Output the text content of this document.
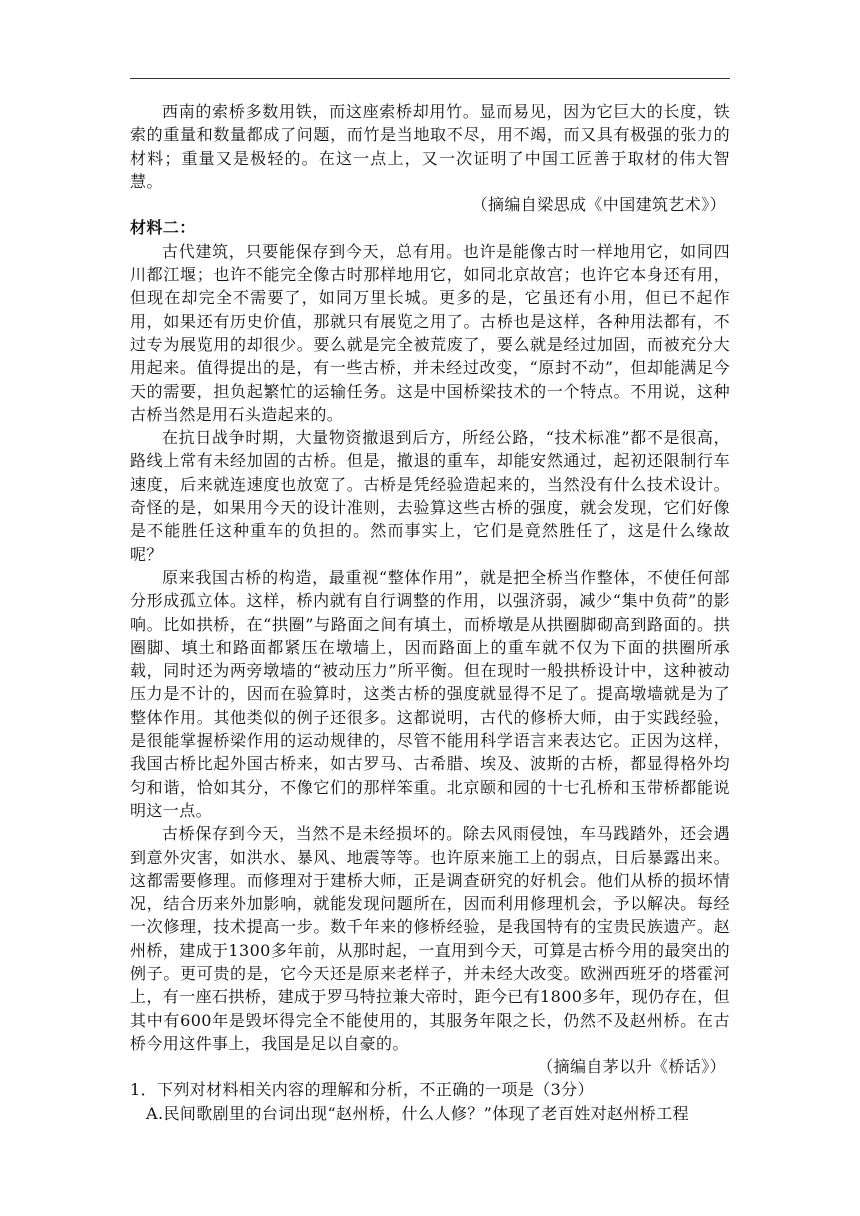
西南的索桥多数用铁，而这座索桥却用竹。显而易见，因为它巨大的长度，铁索的重量和数量都成了问题，而竹是当地取不尽，用不竭，而又具有极强的张力的材料；重量又是极轻的。在这一点上，又一次证明了中国工匠善于取材的伟大智慧。

（摘编自梁思成《中国建筑艺术》）

材料二：

古代建筑，只要能保存到今天，总有用。也许是能像古时一样地用它，如同四川都江堰；也许不能完全像古时那样地用它，如同北京故宫；也许它本身还有用，但现在却完全不需要了，如同万里长城。更多的是，它虽还有小用，但已不起作用，如果还有历史价值，那就只有展览之用了。古桥也是这样，各种用法都有，不过专为展览用的却很少。要么就是完全被荒废了，要么就是经过加固，而被充分大用起来。值得提出的是，有一些古桥，并未经过改变，“原封不动”，但却能满足今天的需要，担负起繁忙的运输任务。这是中国桥梁技术的一个特点。不用说，这种古桥当然是用石头造起来的。

在抗日战争时期，大量物资撤退到后方，所经公路，“技术标准”都不是很高，路线上常有未经加固的古桥。但是，撤退的重车，却能安然通过，起初还限制行车速度，后来就连速度也放宽了。古桥是凭经验造起来的，当然没有什么技术设计。奇怪的是，如果用今天的设计准则，去验算这些古桥的强度，就会发现，它们好像是不能胜任这种重车的负担的。然而事实上，它们是竟然胜任了，这是什么缘故呢？

原来我国古桥的构造，最重视“整体作用”，就是把全桥当作整体，不使任何部分形成孤立体。这样，桥内就有自行调整的作用，以强济弱，减少“集中负荷”的影响。比如拱桥，在“拱圈”与路面之间有填土，而桥墩是从拱圈脚砌高到路面的。拱圈脚、填土和路面都紧压在墩墙上，因而路面上的重车就不仅为下面的拱圈所承载，同时还为两旁墩墙的“被动压力”所平衡。但在现时一般拱桥设计中，这种被动压力是不计的，因而在验算时，这类古桥的强度就显得不足了。提高墩墙就是为了整体作用。其他类似的例子还很多。这都说明，古代的修桥大师，由于实践经验，是很能掌握桥梁作用的运动规律的，尽管不能用科学语言来表达它。正因为这样，我国古桥比起外国古桥来，如古罗马、古希腊、埃及、波斯的古桥，都显得格外均匀和谐，恰如其分，不像它们的那样笨重。北京颐和园的十七孔桥和玉带桥都能说明这一点。

古桥保存到今天，当然不是未经损坏的。除去风雨侵蚀，车马践踏外，还会遇到意外灾害，如洪水、暴风、地震等等。也许原来施工上的弱点，日后暴露出来。这都需要修理。而修理对于建桥大师，正是调查研究的好机会。他们从桥的损坏情况，结合历来外加影响，就能发现问题所在，因而利用修理机会，予以解决。每经一次修理，技术提高一步。数千年来的修桥经验，是我国特有的宝贵民族遗产。赵州桥，建成于1300多年前，从那时起，一直用到今天，可算是古桥今用的最突出的例子。更可贵的是，它今天还是原来老样子，并未经大改变。欧洲西班牙的塔霍河上，有一座石拱桥，建成于罗马特拉兼大帝时，距今已有1800多年，现仍存在，但其中有600年是毁坏得完全不能使用的，其服务年限之长，仍然不及赵州桥。在古桥今用这件事上，我国是足以自豪的。

（摘编自茅以升《桥话》）

1．下列对材料相关内容的理解和分析，不正确的一项是（3分）

A.民间歌剧里的台词出现“赵州桥，什么人修？”体现了老百姓对赵州桥工程
